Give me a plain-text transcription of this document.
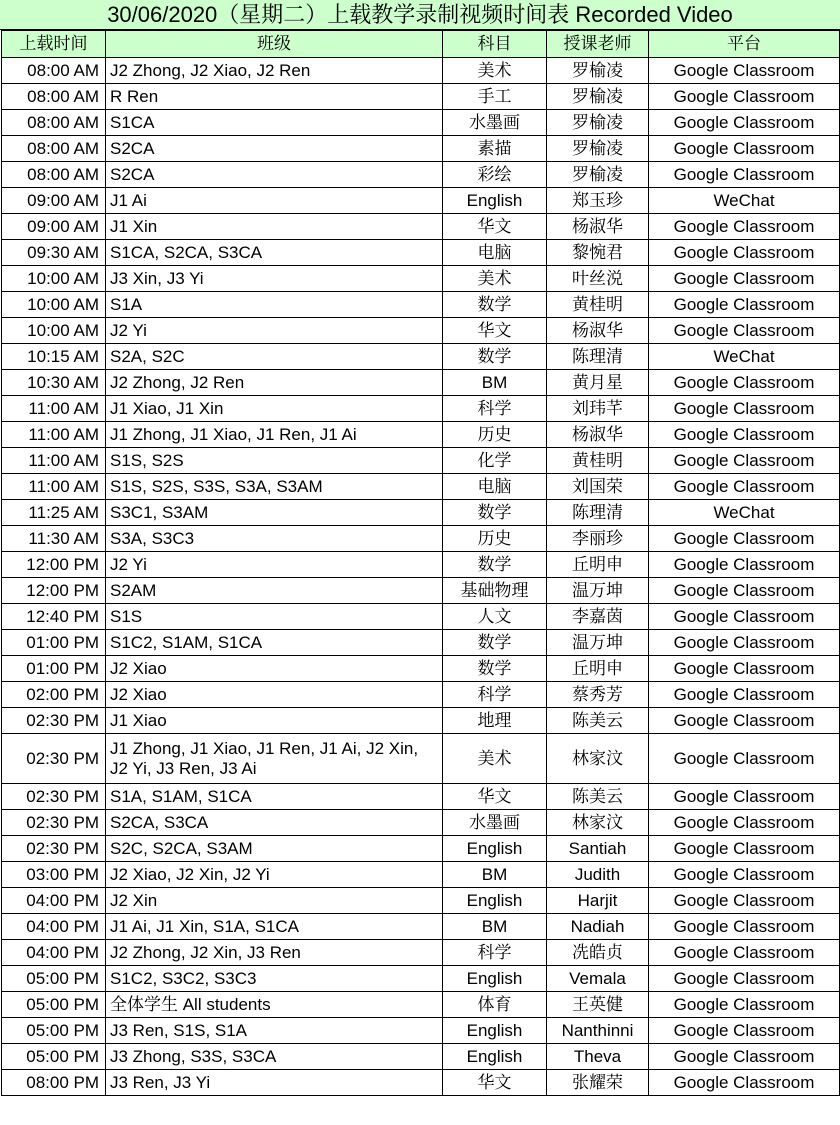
30/06/2020（星期二）上载教学录制视频时间表 Recorded Video
上载时间	班级	科目	授课老师	平台
08:00 AM	J2 Zhong, J2 Xiao, J2 Ren	美术	罗榆凌	Google Classroom
08:00 AM	R Ren	手工	罗榆凌	Google Classroom
08:00 AM	S1CA	水墨画	罗榆凌	Google Classroom
08:00 AM	S2CA	素描	罗榆凌	Google Classroom
08:00 AM	S2CA	彩绘	罗榆凌	Google Classroom
09:00 AM	J1 Ai	English	郑玉珍	WeChat
09:00 AM	J1 Xin	华文	杨淑华	Google Classroom
09:30 AM	S1CA, S2CA, S3CA	电脑	黎惋君	Google Classroom
10:00 AM	J3 Xin, J3 Yi	美术	叶丝涚	Google Classroom
10:00 AM	S1A	数学	黄桂明	Google Classroom
10:00 AM	J2 Yi	华文	杨淑华	Google Classroom
10:15 AM	S2A, S2C	数学	陈理清	WeChat
10:30 AM	J2 Zhong, J2 Ren	BM	黄月星	Google Classroom
11:00 AM	J1 Xiao, J1 Xin	科学	刘玮芊	Google Classroom
11:00 AM	J1 Zhong, J1 Xiao, J1 Ren, J1 Ai	历史	杨淑华	Google Classroom
11:00 AM	S1S, S2S	化学	黄桂明	Google Classroom
11:00 AM	S1S, S2S, S3S, S3A, S3AM	电脑	刘国荣	Google Classroom
11:25 AM	S3C1, S3AM	数学	陈理清	WeChat
11:30 AM	S3A, S3C3	历史	李丽珍	Google Classroom
12:00 PM	J2 Yi	数学	丘明申	Google Classroom
12:00 PM	S2AM	基础物理	温万坤	Google Classroom
12:40 PM	S1S	人文	李嘉茵	Google Classroom
01:00 PM	S1C2, S1AM, S1CA	数学	温万坤	Google Classroom
01:00 PM	J2 Xiao	数学	丘明申	Google Classroom
02:00 PM	J2 Xiao	科学	蔡秀芳	Google Classroom
02:30 PM	J1 Xiao	地理	陈美云	Google Classroom
02:30 PM	J1 Zhong, J1 Xiao, J1 Ren, J1 Ai, J2 Xin, J2 Yi, J3 Ren, J3 Ai	美术	林家汶	Google Classroom
02:30 PM	S1A, S1AM, S1CA	华文	陈美云	Google Classroom
02:30 PM	S2CA, S3CA	水墨画	林家汶	Google Classroom
02:30 PM	S2C, S2CA, S3AM	English	Santiah	Google Classroom
03:00 PM	J2 Xiao, J2 Xin, J2 Yi	BM	Judith	Google Classroom
04:00 PM	J2 Xin	English	Harjit	Google Classroom
04:00 PM	J1 Ai, J1 Xin, S1A, S1CA	BM	Nadiah	Google Classroom
04:00 PM	J2 Zhong, J2 Xin, J3 Ren	科学	冼皓贞	Google Classroom
05:00 PM	S1C2, S3C2, S3C3	English	Vemala	Google Classroom
05:00 PM	全体学生 All students	体育	王英健	Google Classroom
05:00 PM	J3 Ren, S1S, S1A	English	Nanthinni	Google Classroom
05:00 PM	J3 Zhong, S3S, S3CA	English	Theva	Google Classroom
08:00 PM	J3 Ren, J3 Yi	华文	张耀荣	Google Classroom
